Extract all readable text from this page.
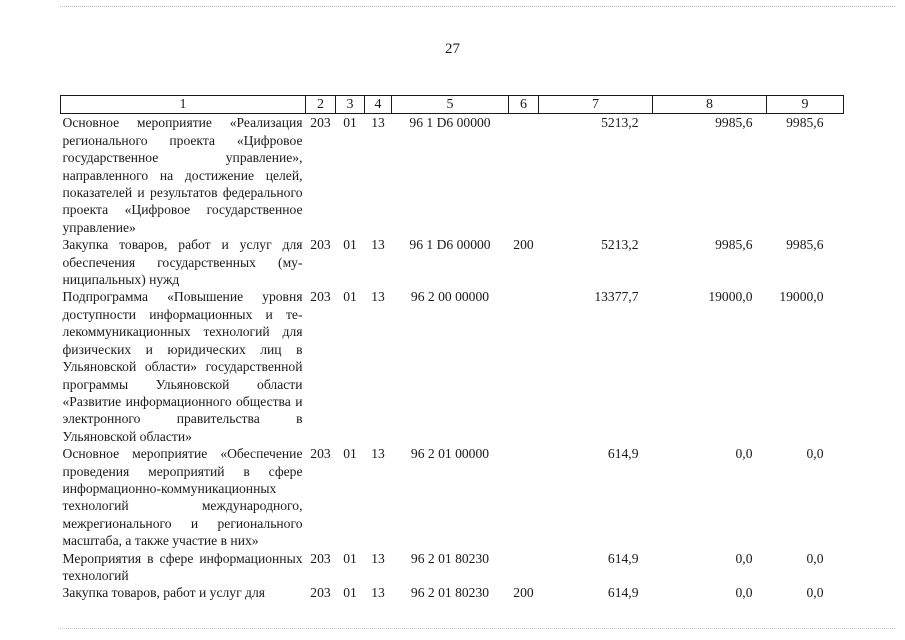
27
1	2	3	4	5	6	7	8	9
Основное мероприятие «Реализация регионального проекта «Цифровое государственное управление», направленного на достижение целей, показателей и результатов федерального проекта «Цифровое государственное управление»	203	01	13	96 1 D6 00000		5213,2	9985,6	9985,6
Закупка товаров, работ и услуг для обеспечения государственных (муниципальных) нужд	203	01	13	96 1 D6 00000	200	5213,2	9985,6	9985,6
Подпрограмма «Повышение уровня доступности информационных и телекоммуникационных технологий для физических и юридических лиц в Ульяновской области» государственной программы Ульяновской области «Развитие информационного общества и электронного правительства в Ульяновской области»	203	01	13	96 2 00 00000		13377,7	19000,0	19000,0
Основное мероприятие «Обеспечение проведения мероприятий в сфере информационно-коммуникационных технологий международного, межрегионального и регионального масштаба, а также участие в них»	203	01	13	96 2 01 00000		614,9	0,0	0,0
Мероприятия в сфере информационных технологий	203	01	13	96 2 01 80230		614,9	0,0	0,0
Закупка товаров, работ и услуг для	203	01	13	96 2 01 80230	200	614,9	0,0	0,0
